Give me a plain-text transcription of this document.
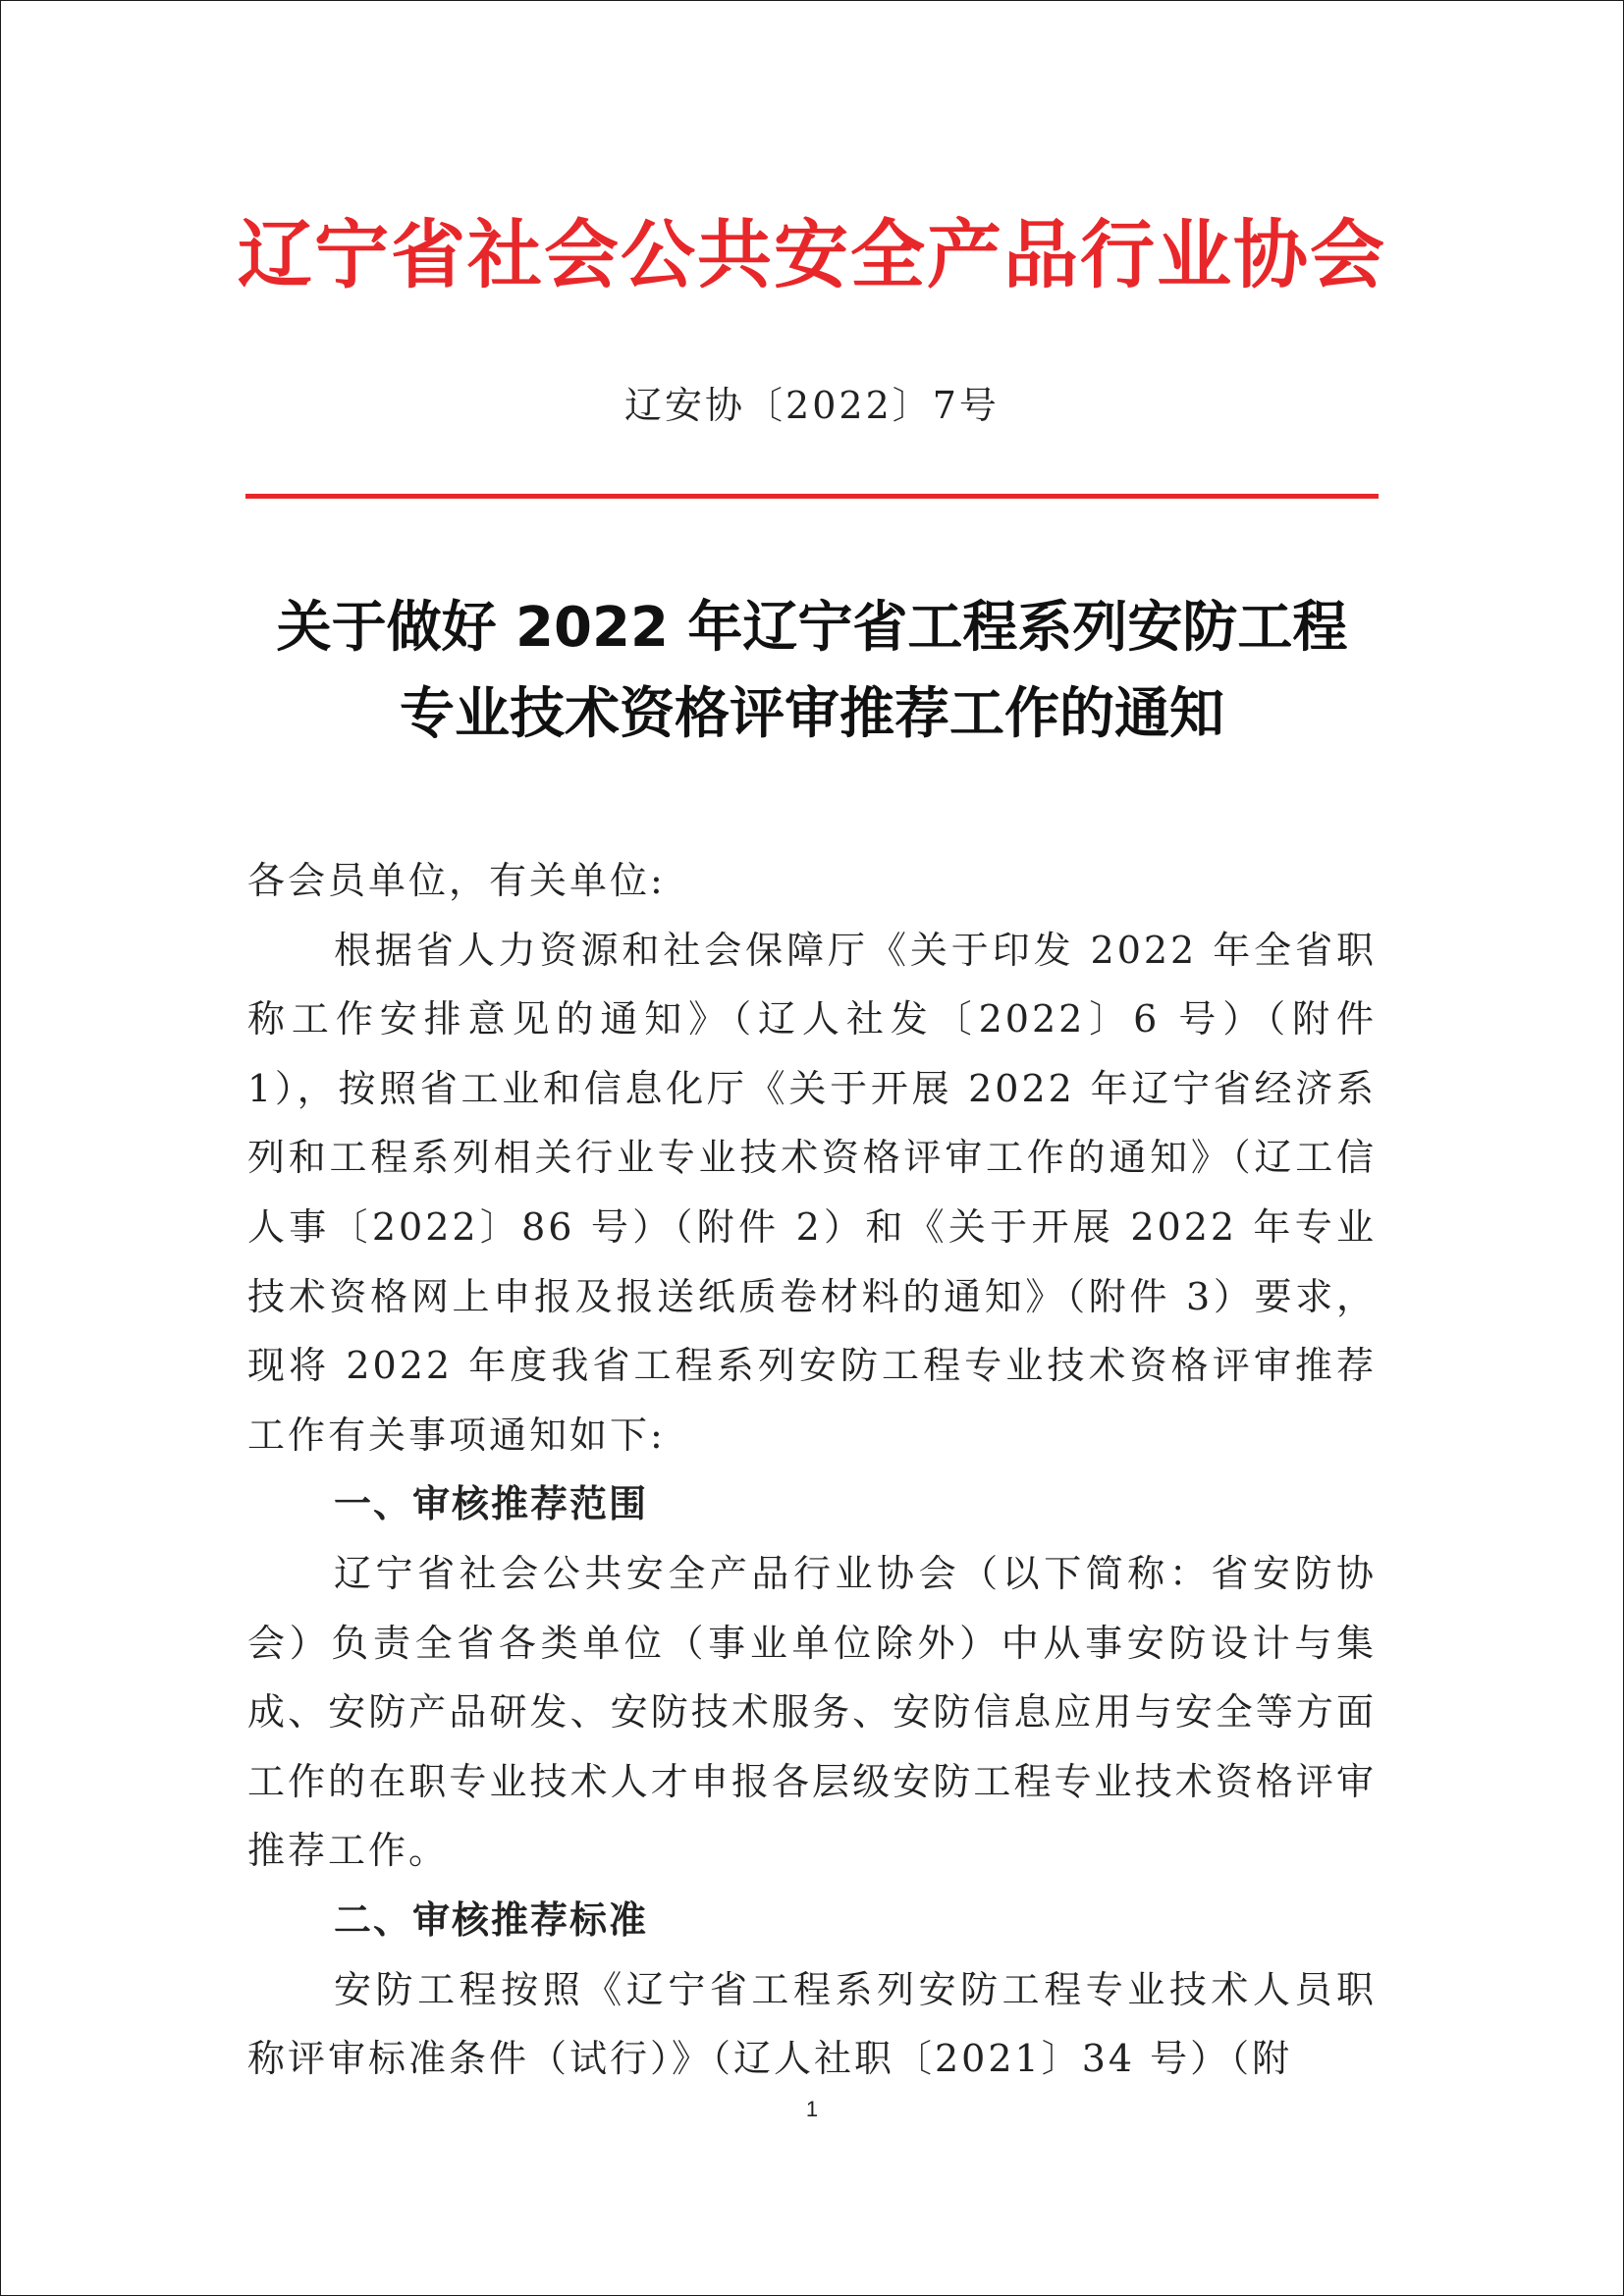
辽宁省社会公共安全产品行业协会
辽安协〔2022〕7号
关于做好 2022 年辽宁省工程系列安防工程
专业技术资格评审推荐工作的通知

各会员单位，有关单位:

根据省人力资源和社会保障厅《关于印发 2022 年全省职称工作安排意见的通知》（辽人社发〔2022〕6 号）（附件 1），按照省工业和信息化厅《关于开展 2022 年辽宁省经济系列和工程系列相关行业专业技术资格评审工作的通知》（辽工信人事〔2022〕86 号）（附件 2）和《关于开展 2022 年专业技术资格网上申报及报送纸质卷材料的通知》（附件 3）要求，现将 2022 年度我省工程系列安防工程专业技术资格评审推荐工作有关事项通知如下:

一、审核推荐范围

辽宁省社会公共安全产品行业协会（以下简称：省安防协会）负责全省各类单位（事业单位除外）中从事安防设计与集成、安防产品研发、安防技术服务、安防信息应用与安全等方面工作的在职专业技术人才申报各层级安防工程专业技术资格评审推荐工作。

二、审核推荐标准

安防工程按照《辽宁省工程系列安防工程专业技术人员职称评审标准条件（试行）》（辽人社职〔2021〕34 号）（附

1
